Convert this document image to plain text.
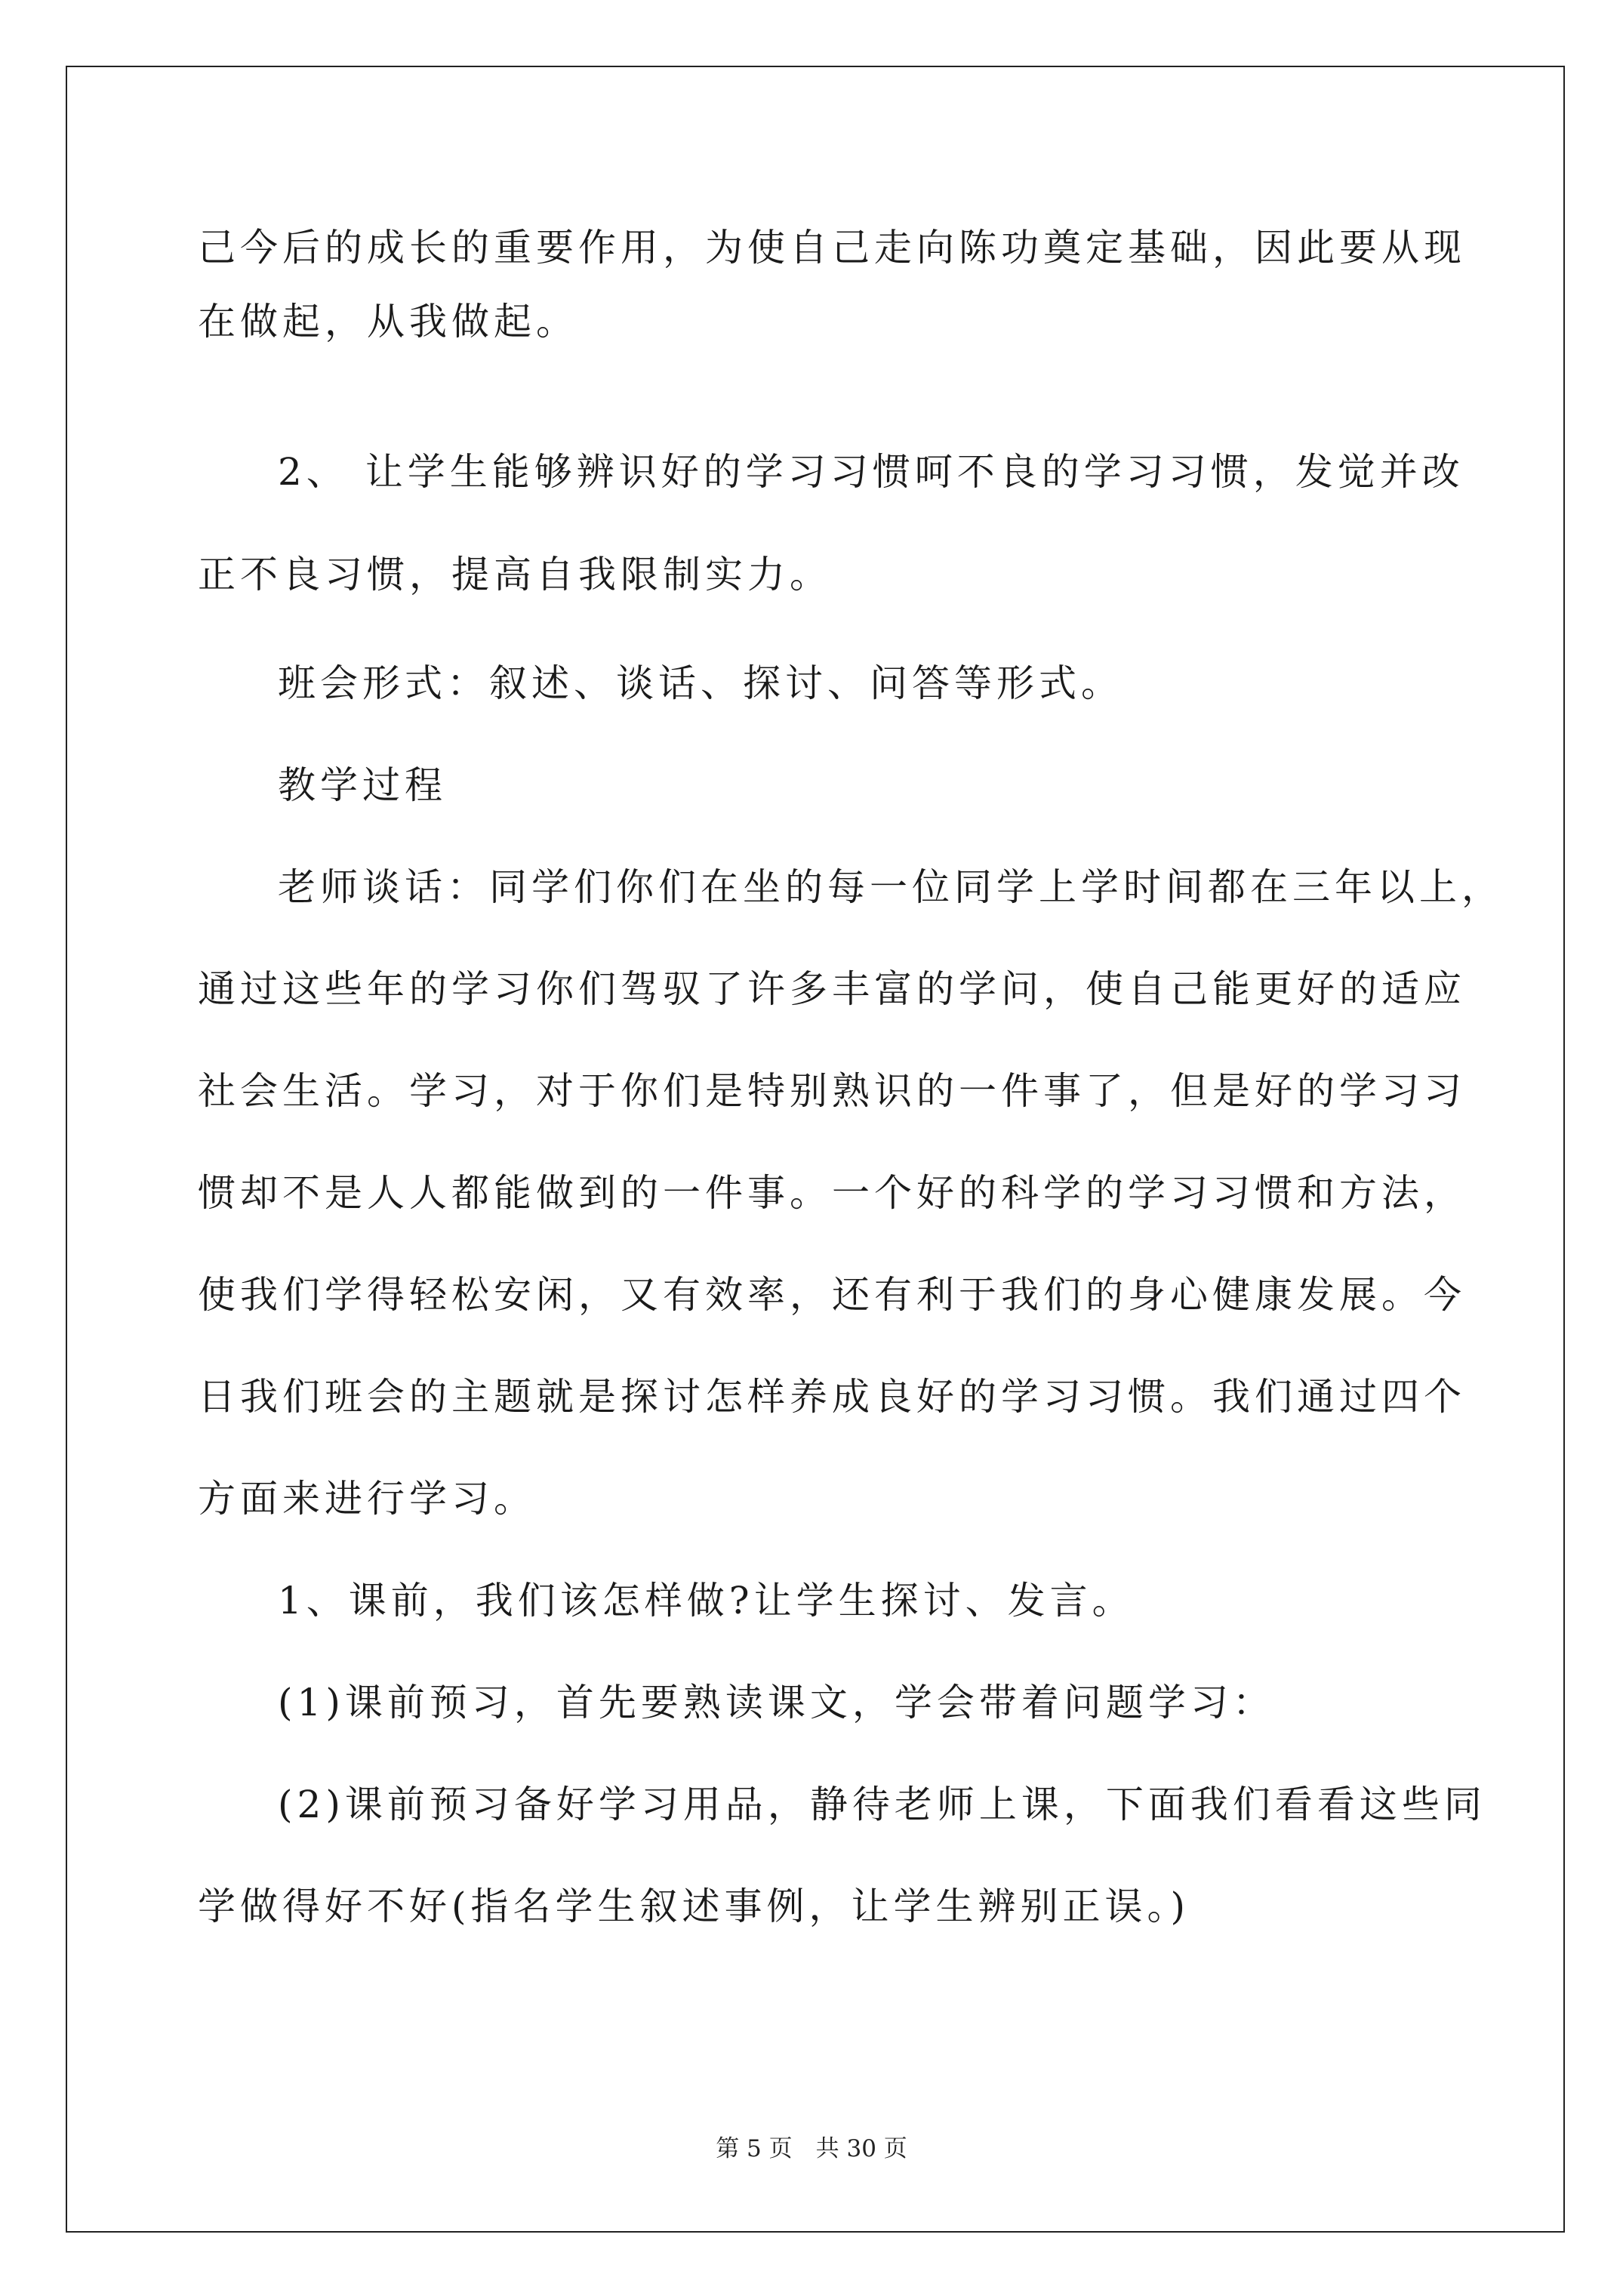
己今后的成长的重要作用，为使自己走向陈功奠定基础，因此要从现
在做起，从我做起。
2、 让学生能够辨识好的学习习惯呵不良的学习习惯，发觉并改
正不良习惯，提高自我限制实力。
班会形式：叙述、谈话、探讨、问答等形式。
教学过程
老师谈话：同学们你们在坐的每一位同学上学时间都在三年以上，
通过这些年的学习你们驾驭了许多丰富的学问，使自己能更好的适应
社会生活。学习，对于你们是特别熟识的一件事了，但是好的学习习
惯却不是人人都能做到的一件事。一个好的科学的学习习惯和方法，
使我们学得轻松安闲，又有效率，还有利于我们的身心健康发展。今
日我们班会的主题就是探讨怎样养成良好的学习习惯。我们通过四个
方面来进行学习。
1、课前，我们该怎样做?让学生探讨、发言。
(1)课前预习，首先要熟读课文，学会带着问题学习：
(2)课前预习备好学习用品，静待老师上课，下面我们看看这些同
学做得好不好(指名学生叙述事例，让学生辨别正误。)
第 5 页　共 30 页
